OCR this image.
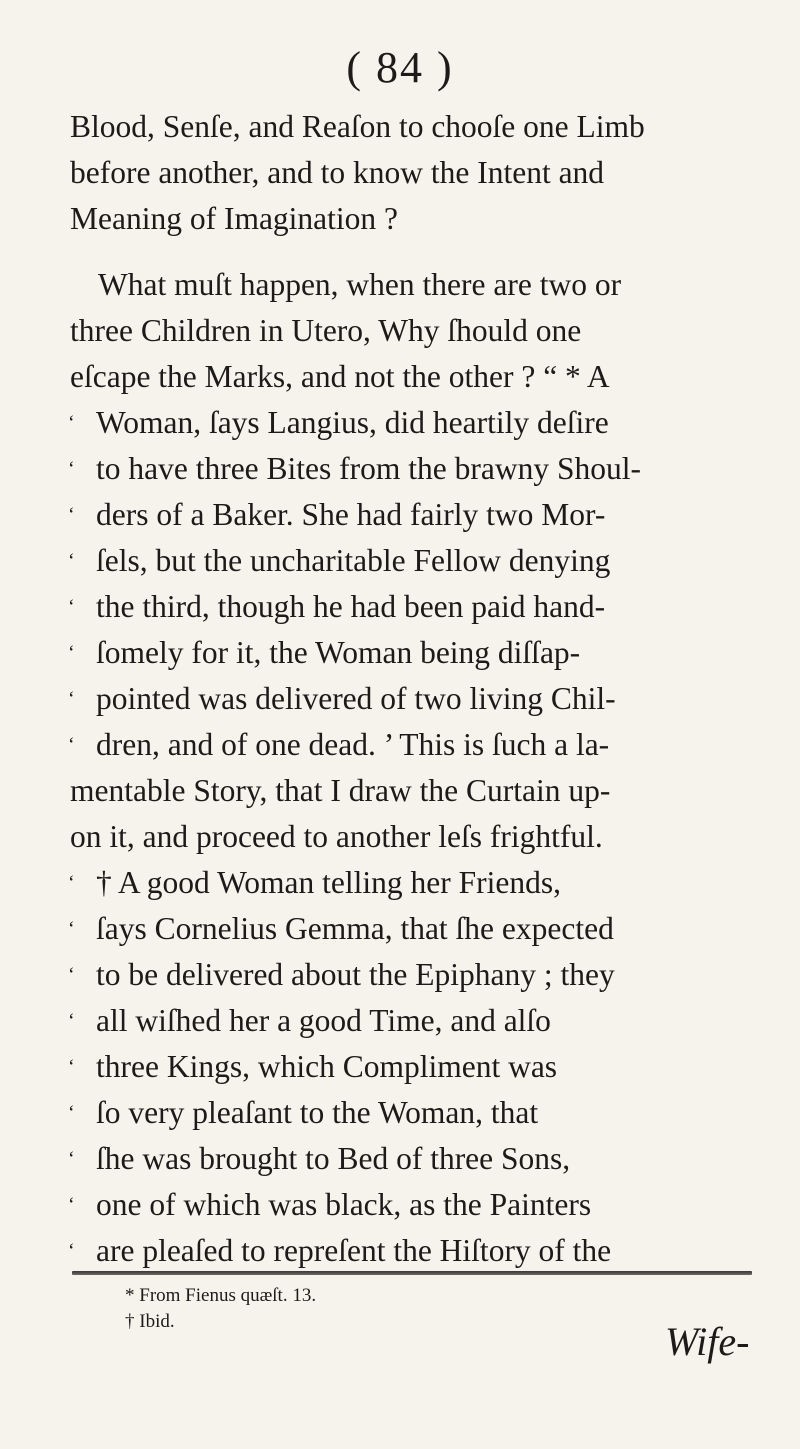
( 84 )
Blood, Senſe, and Reaſon to chooſe one Limb
before another, and to know the Intent and
Meaning of Imagination ?
What muſt happen, when there are two or
three Children in Utero, Why ſhould one
eſcape the Marks, and not the other ? “ * A
‘ Woman, ſays Langius, did heartily deſire
‘ to have three Bites from the brawny Shoul-
‘ ders of a Baker. She had fairly two Mor-
‘ ſels, but the uncharitable Fellow denying
‘ the third, though he had been paid hand-
‘ ſomely for it, the Woman being diſſap-
‘ pointed was delivered of two living Chil-
‘ dren, and of one dead. ’ This is ſuch a la-
mentable Story, that I draw the Curtain up-
on it, and proceed to another leſs frightful.
‘ † A good Woman telling her Friends,
‘ ſays Cornelius Gemma, that ſhe expected
‘ to be delivered about the Epiphany ; they
‘ all wiſhed her a good Time, and alſo
‘ three Kings, which Compliment was
‘ ſo very pleaſant to the Woman, that
‘ ſhe was brought to Bed of three Sons,
‘ one of which was black, as the Painters
‘ are pleaſed to repreſent the Hiſtory of the
* From Fienus quæſt. 13.
† Ibid.	Wife-
